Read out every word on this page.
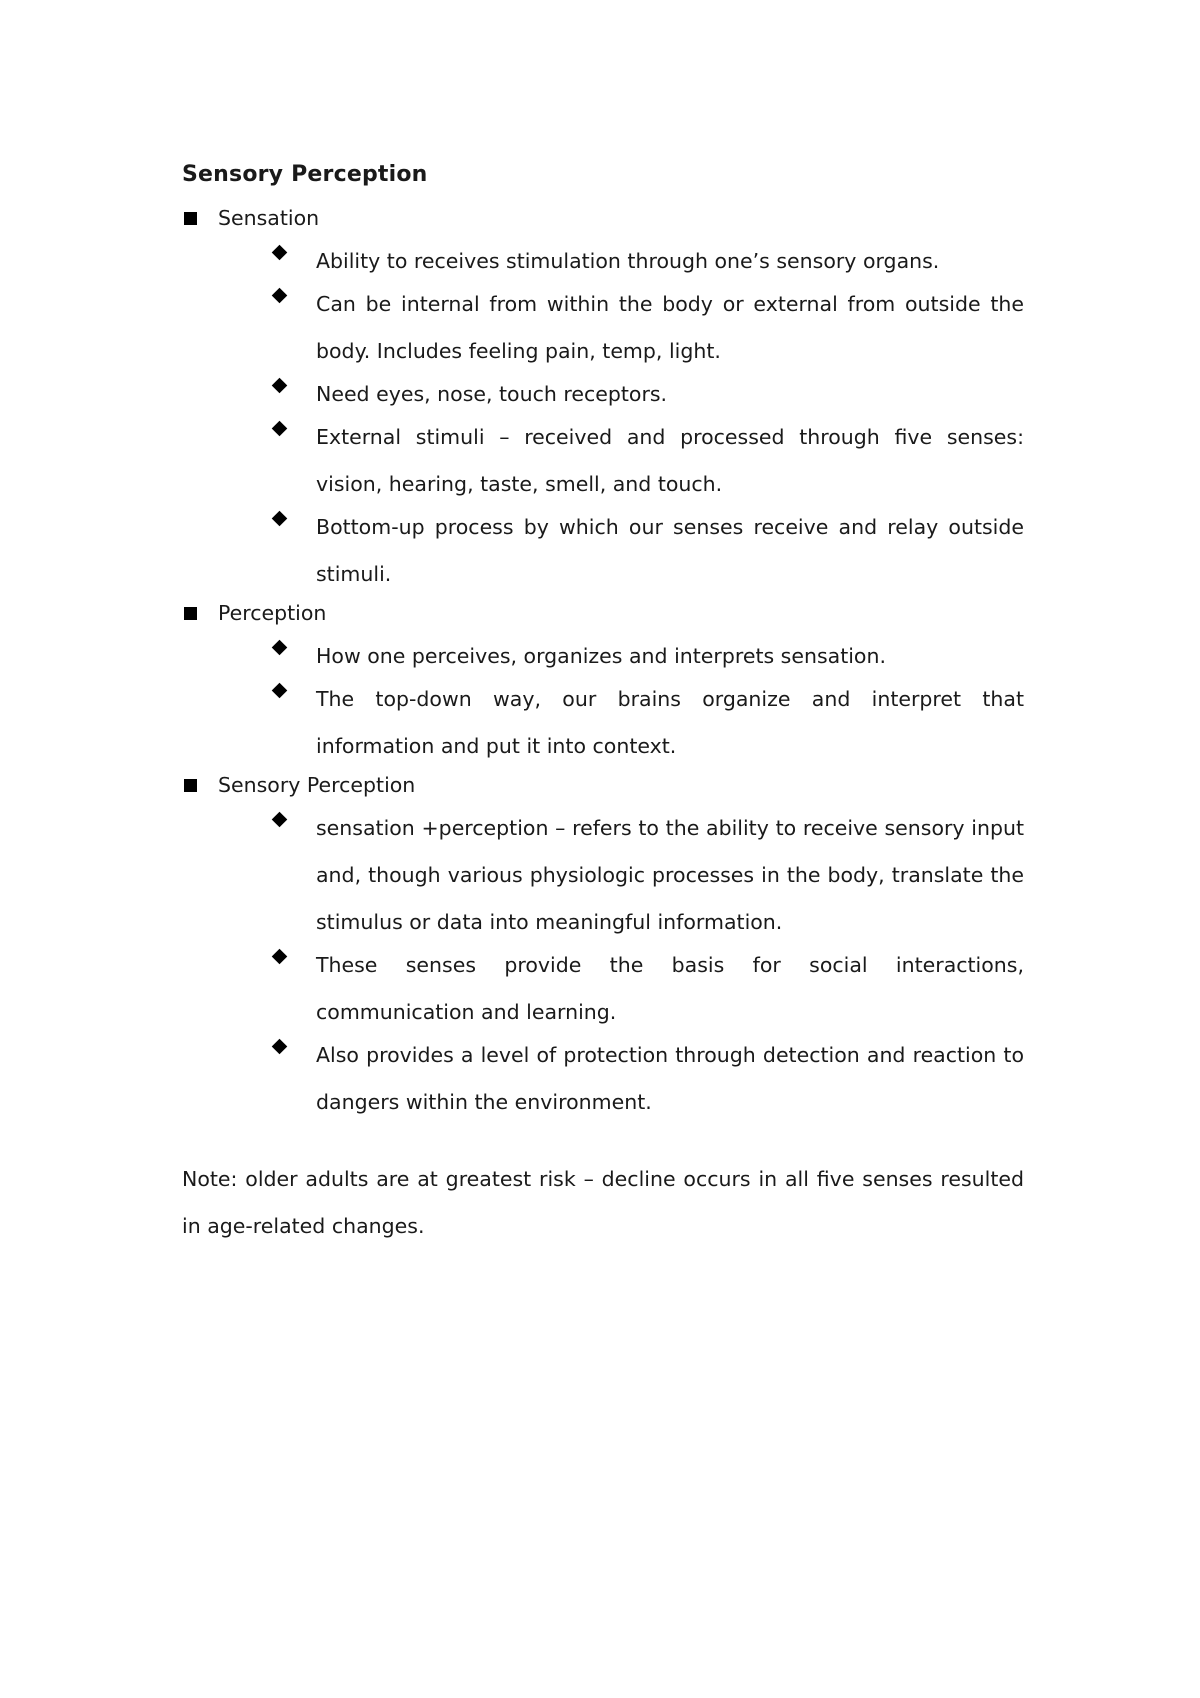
Sensory Perception
Sensation
Ability to receives stimulation through one’s sensory organs.
Can be internal from within the body or external from outside the body. Includes feeling pain, temp, light.
Need eyes, nose, touch receptors.
External stimuli – received and processed through five senses: vision, hearing, taste, smell, and touch.
Bottom-up process by which our senses receive and relay outside stimuli.
Perception
How one perceives, organizes and interprets sensation.
The top-down way, our brains organize and interpret that information and put it into context.
Sensory Perception
sensation +perception – refers to the ability to receive sensory input and, though various physiologic processes in the body, translate the stimulus or data into meaningful information.
These senses provide the basis for social interactions, communication and learning.
Also provides a level of protection through detection and reaction to dangers within the environment.
Note: older adults are at greatest risk – decline occurs in all five senses resulted in age-related changes.
